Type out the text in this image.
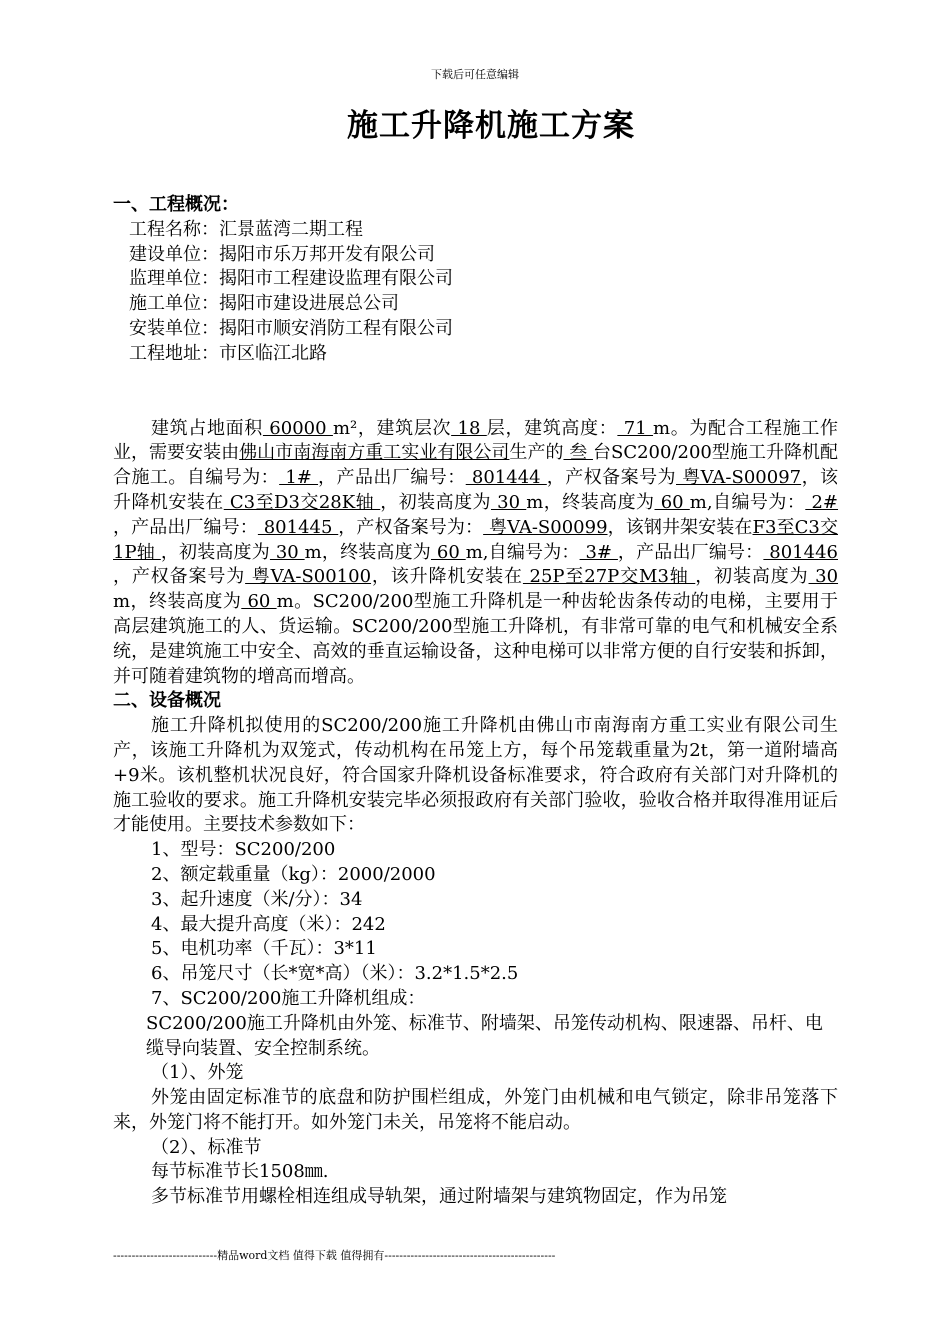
下载后可任意编辑
施工升降机施工方案

一、工程概况：

工程名称：汇景蓝湾二期工程

建设单位：揭阳市乐万邦开发有限公司

监理单位：揭阳市工程建设监理有限公司

施工单位：揭阳市建设进展总公司

安装单位：揭阳市顺安消防工程有限公司

工程地址：市区临江北路

建筑占地面积 60000 m²，建筑层次 18 层，建筑高度： 71 m。为配合工程施工作业，需要安装由佛山市南海南方重工实业有限公司生产的 叁 台SC200/200型施工升降机配合施工。自编号为： 1# ，产品出厂编号： 801444 ，产权备案号为 粤VA-S00097，该升降机安装在 C3至D3交28K轴 ，初装高度为 30 m，终装高度为 60 m,自编号为： 2# ，产品出厂编号： 801445 ，产权备案号为： 粤VA-S00099，该钢井架安装在F3至C3交1P轴 ，初装高度为 30 m，终装高度为 60 m,自编号为： 3# ，产品出厂编号： 801446 ，产权备案号为 粤VA-S00100，该升降机安装在 25P至27P交M3轴 ，初装高度为 30 m，终装高度为 60 m。SC200/200型施工升降机是一种齿轮齿条传动的电梯，主要用于高层建筑施工的人、货运输。SC200/200型施工升降机，有非常可靠的电气和机械安全系统，是建筑施工中安全、高效的垂直运输设备，这种电梯可以非常方便的自行安装和拆卸，并可随着建筑物的增高而增高。

二、设备概况

施工升降机拟使用的SC200/200施工升降机由佛山市南海南方重工实业有限公司生产，该施工升降机为双笼式，传动机构在吊笼上方，每个吊笼载重量为2t，第一道附墙高+9米。该机整机状况良好，符合国家升降机设备标准要求，符合政府有关部门对升降机的施工验收的要求。施工升降机安装完毕必须报政府有关部门验收，验收合格并取得准用证后才能使用。主要技术参数如下：

1、型号：SC200/200

2、额定载重量（kg）：2000/2000

3、起升速度（米/分）：34

4、最大提升高度（米）：242

5、电机功率（千瓦）：3*11

6、吊笼尺寸（长*宽*高）（米）：3.2*1.5*2.5

7、SC200/200施工升降机组成：

SC200/200施工升降机由外笼、标准节、附墙架、吊笼传动机构、限速器、吊杆、电缆导向装置、安全控制系统。

（1）、外笼

外笼由固定标准节的底盘和防护围栏组成，外笼门由机械和电气锁定，除非吊笼落下来，外笼门将不能打开。如外笼门未关，吊笼将不能启动。

（2）、标准节

每节标准节长1508㎜.

多节标准节用螺栓相连组成导轨架，通过附墙架与建筑物固定，作为吊笼

----------------------------精品word文档 值得下载 值得拥有----------------------------------------------
